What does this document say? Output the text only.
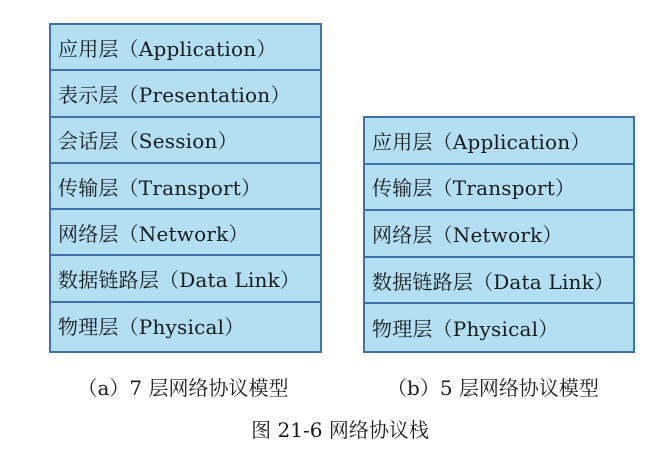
应用层（Application）
表示层（Presentation）
会话层（Session）
传输层（Transport）
网络层（Network）
数据链路层（Data Link）
物理层（Physical）
应用层（Application）
传输层（Transport）
网络层（Network）
数据链路层（Data Link）
物理层（Physical）
（a）7 层网络协议模型	（b）5 层网络协议模型
图 21-6 网络协议栈
